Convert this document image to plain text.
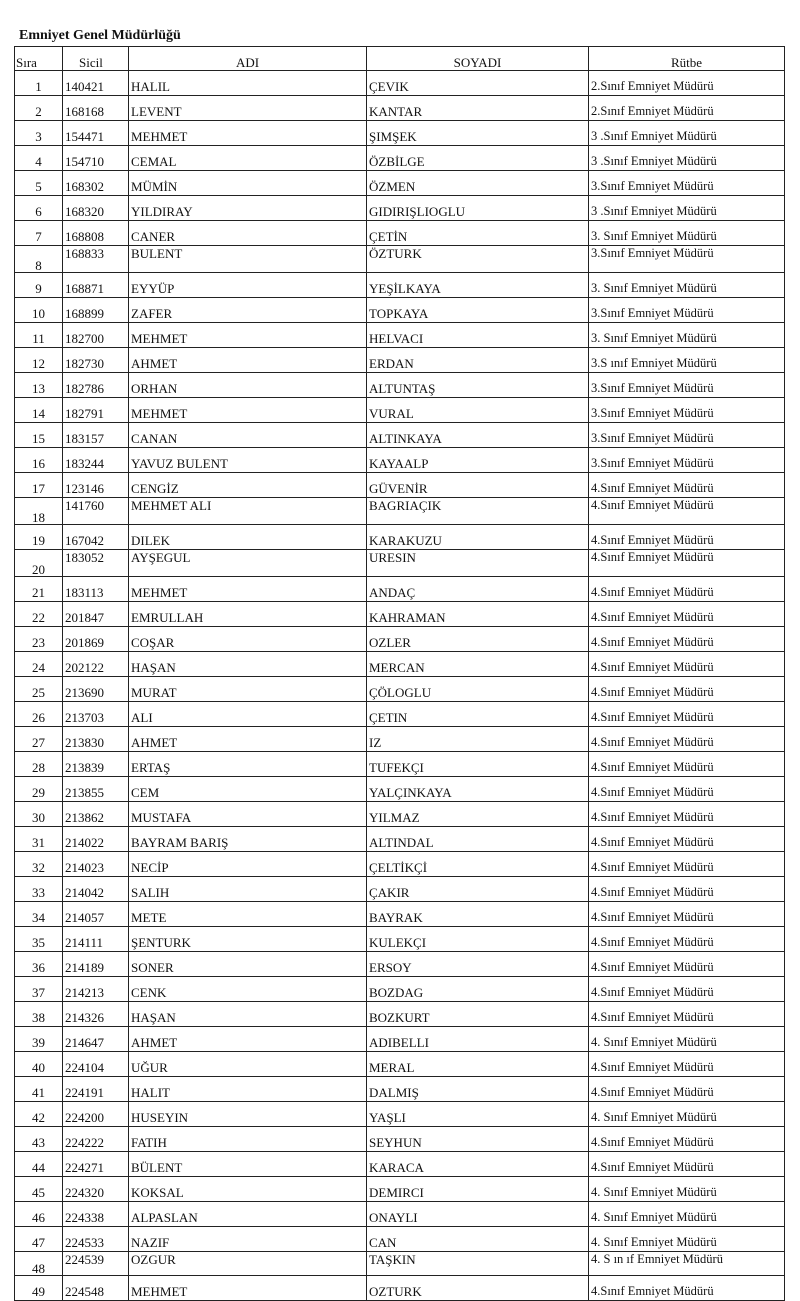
Emniyet Genel Müdürlüğü
Sıra	Sicil	ADI	SOYADI	Rütbe
1	140421	HALIL	ÇEVIK	2.Sınıf Emniyet Müdürü
2	168168	LEVENT	KANTAR	2.Sınıf Emniyet Müdürü
3	154471	MEHMET	ŞIMŞEK	3 .Sınıf Emniyet Müdürü
4	154710	CEMAL	ÖZBİLGE	3 .Sınıf Emniyet Müdürü
5	168302	MÜMİN	ÖZMEN	3.Sınıf Emniyet Müdürü
6	168320	YILDIRAY	GIDIRIŞLIOGLU	3 .Sınıf Emniyet Müdürü
7	168808	CANER	ÇETİN	3. Sınıf Emniyet Müdürü
8	168833	BULENT	ÖZTURK	3.Sınıf Emniyet Müdürü
9	168871	EYYÜP	YEŞİLKAYA	3. Sınıf Emniyet Müdürü
10	168899	ZAFER	TOPKAYA	3.Sınıf Emniyet Müdürü
11	182700	MEHMET	HELVACI	3. Sınıf Emniyet Müdürü
12	182730	AHMET	ERDAN	3.S ınıf Emniyet Müdürü
13	182786	ORHAN	ALTUNTAŞ	3.Sınıf Emniyet Müdürü
14	182791	MEHMET	VURAL	3.Sınıf Emniyet Müdürü
15	183157	CANAN	ALTINKAYA	3.Sınıf Emniyet Müdürü
16	183244	YAVUZ BULENT	KAYAALP	3.Sınıf Emniyet Müdürü
17	123146	CENGİZ	GÜVENİR	4.Sınıf Emniyet Müdürü
18	141760	MEHMET ALI	BAGRIAÇIK	4.Sınıf Emniyet Müdürü
19	167042	DILEK	KARAKUZU	4.Sınıf Emniyet Müdürü
20	183052	AYŞEGUL	URESIN	4.Sınıf Emniyet Müdürü
21	183113	MEHMET	ANDAÇ	4.Sınıf Emniyet Müdürü
22	201847	EMRULLAH	KAHRAMAN	4.Sınıf Emniyet Müdürü
23	201869	COŞAR	OZLER	4.Sınıf Emniyet Müdürü
24	202122	HAŞAN	MERCAN	4.Sınıf Emniyet Müdürü
25	213690	MURAT	ÇÖLOGLU	4.Sınıf Emniyet Müdürü
26	213703	ALI	ÇETIN	4.Sınıf Emniyet Müdürü
27	213830	AHMET	IZ	4.Sınıf Emniyet Müdürü
28	213839	ERTAŞ	TUFEKÇI	4.Sınıf Emniyet Müdürü
29	213855	CEM	YALÇINKAYA	4.Sınıf Emniyet Müdürü
30	213862	MUSTAFA	YILMAZ	4.Sınıf Emniyet Müdürü
31	214022	BAYRAM BARIŞ	ALTINDAL	4.Sınıf Emniyet Müdürü
32	214023	NECİP	ÇELTİKÇİ	4.Sınıf Emniyet Müdürü
33	214042	SALIH	ÇAKIR	4.Sınıf Emniyet Müdürü
34	214057	METE	BAYRAK	4.Sınıf Emniyet Müdürü
35	214111	ŞENTURK	KULEKÇI	4.Sınıf Emniyet Müdürü
36	214189	SONER	ERSOY	4.Sınıf Emniyet Müdürü
37	214213	CENK	BOZDAG	4.Sınıf Emniyet Müdürü
38	214326	HAŞAN	BOZKURT	4.Sınıf Emniyet Müdürü
39	214647	AHMET	ADIBELLI	4. Sınıf Emniyet Müdürü
40	224104	UĞUR	MERAL	4.Sınıf Emniyet Müdürü
41	224191	HALIT	DALMIŞ	4.Sınıf Emniyet Müdürü
42	224200	HUSEYIN	YAŞLI	4. Sınıf Emniyet Müdürü
43	224222	FATIH	SEYHUN	4.Sınıf Emniyet Müdürü
44	224271	BÜLENT	KARACA	4.Sınıf Emniyet Müdürü
45	224320	KOKSAL	DEMIRCI	4. Sınıf Emniyet Müdürü
46	224338	ALPASLAN	ONAYLI	4. Sınıf Emniyet Müdürü
47	224533	NAZIF	CAN	4. Sınıf Emniyet Müdürü
48	224539	OZGUR	TAŞKIN	4. S ın ıf Emniyet Müdürü
49	224548	MEHMET	OZTURK	4.Sınıf Emniyet Müdürü
